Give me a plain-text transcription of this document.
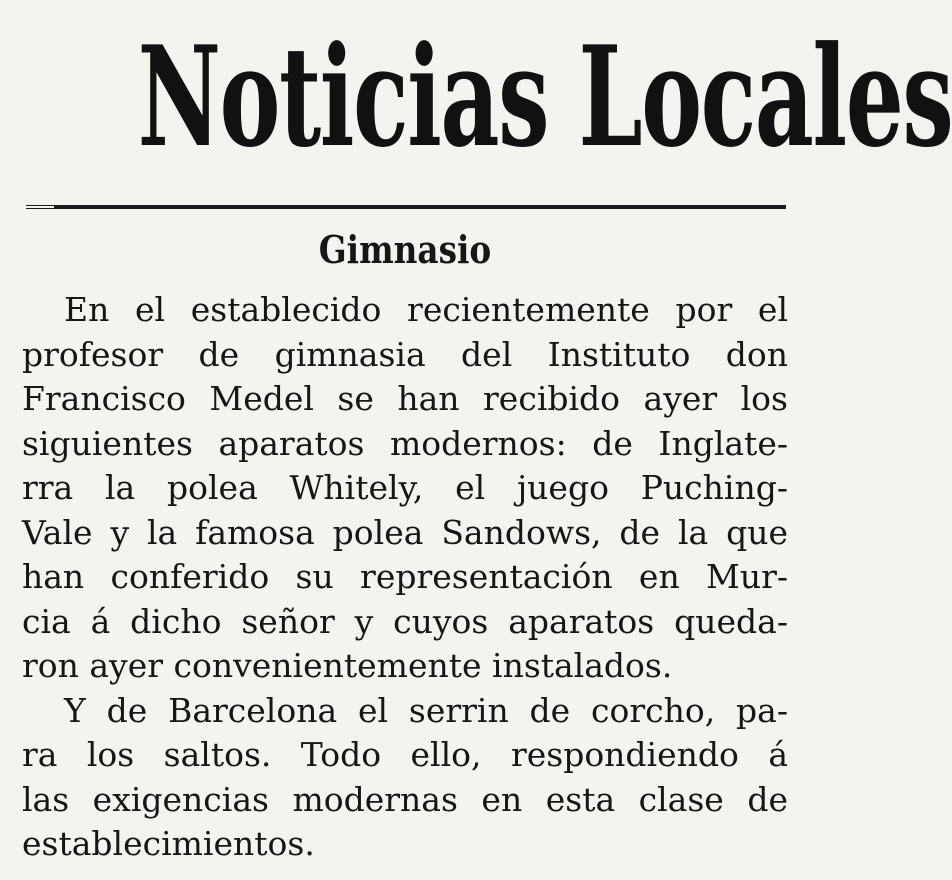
Noticias Locales
Gimnasio
En el establecido recientemente por el
profesor de gimnasia del Instituto don
Francisco Medel se han recibido ayer los
siguientes aparatos modernos: de Inglate-
rra la polea Whitely, el juego Puching-
Vale y la famosa polea Sandows, de la que
han conferido su representación en Mur-
cia á dicho señor y cuyos aparatos queda-
ron ayer convenientemente instalados.
Y de Barcelona el serrin de corcho, pa-
ra los saltos. Todo ello, respondiendo á
las exigencias modernas en esta clase de
establecimientos.
